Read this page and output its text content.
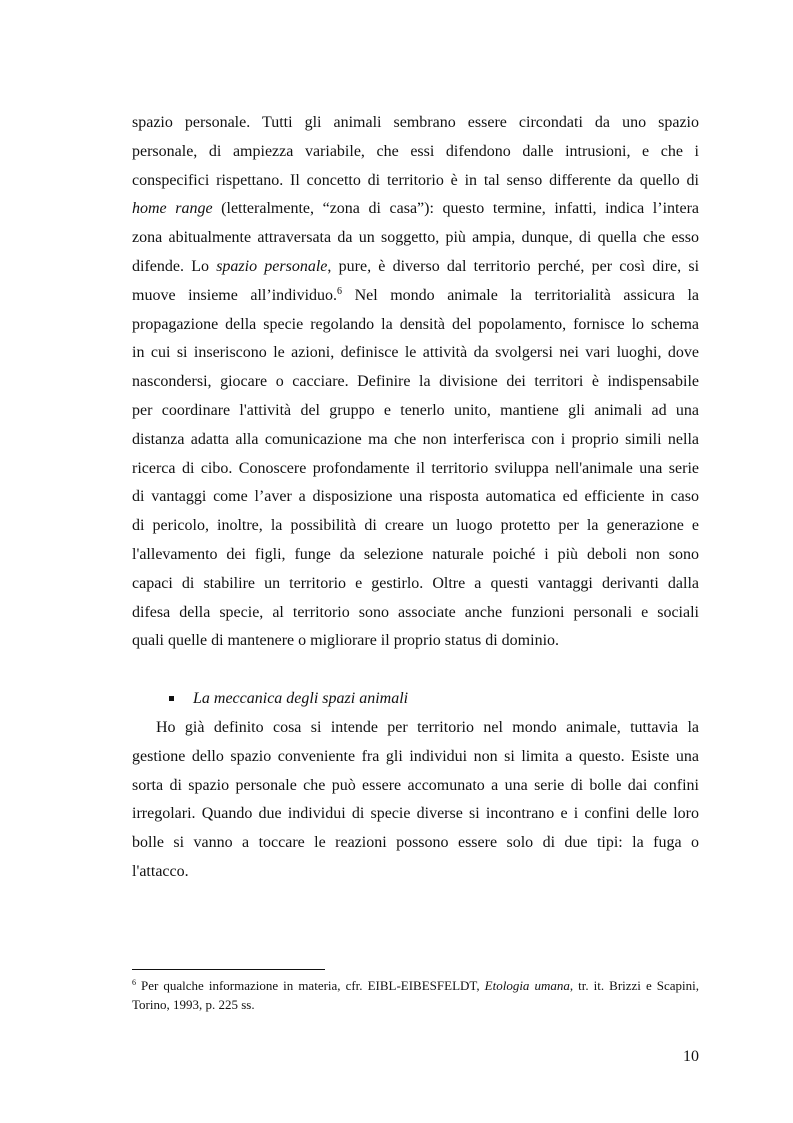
spazio personale. Tutti gli animali sembrano essere circondati da uno spazio

personale, di ampiezza variabile, che essi difendono dalle intrusioni, e che i

conspecifici rispettano. Il concetto di territorio è in tal senso differente da quello di

home range (letteralmente, “zona di casa”): questo termine, infatti, indica l’intera

zona abitualmente attraversata da un soggetto, più ampia, dunque, di quella che esso

difende. Lo spazio personale, pure, è diverso dal territorio perché, per così dire, si

muove insieme all’individuo.$^6$ Nel mondo animale la territorialità assicura la

propagazione della specie regolando la densità del popolamento, fornisce lo schema

in cui si inseriscono le azioni, definisce le attività da svolgersi nei vari luoghi, dove

nascondersi, giocare o cacciare. Definire la divisione dei territori è indispensabile

per coordinare l'attività del gruppo e tenerlo unito, mantiene gli animali ad una

distanza adatta alla comunicazione ma che non interferisca con i proprio simili nella

ricerca di cibo. Conoscere profondamente il territorio sviluppa nell'animale una serie

di vantaggi come l’aver a disposizione una risposta automatica ed efficiente in caso

di pericolo, inoltre, la possibilità di creare un luogo protetto per la generazione e

l'allevamento dei figli, funge da selezione naturale poiché i più deboli non sono

capaci di stabilire un territorio e gestirlo. Oltre a questi vantaggi derivanti dalla

difesa della specie, al territorio sono associate anche funzioni personali e sociali

quali quelle di mantenere o migliorare il proprio status di dominio.

La meccanica degli spazi animali

Ho già definito cosa si intende per territorio nel mondo animale, tuttavia la

gestione dello spazio conveniente fra gli individui non si limita a questo. Esiste una

sorta di spazio personale che può essere accomunato a una serie di bolle dai confini

irregolari. Quando due individui di specie diverse si incontrano e i confini delle loro

bolle si vanno a toccare le reazioni possono essere solo di due tipi: la fuga o

l'attacco.

$^6$ Per qualche informazione in materia, cfr. EIBL-EIBESFELDT, Etologia umana, tr. it. Brizzi e Scapini,
Torino, 1993, p. 225 ss.
10
